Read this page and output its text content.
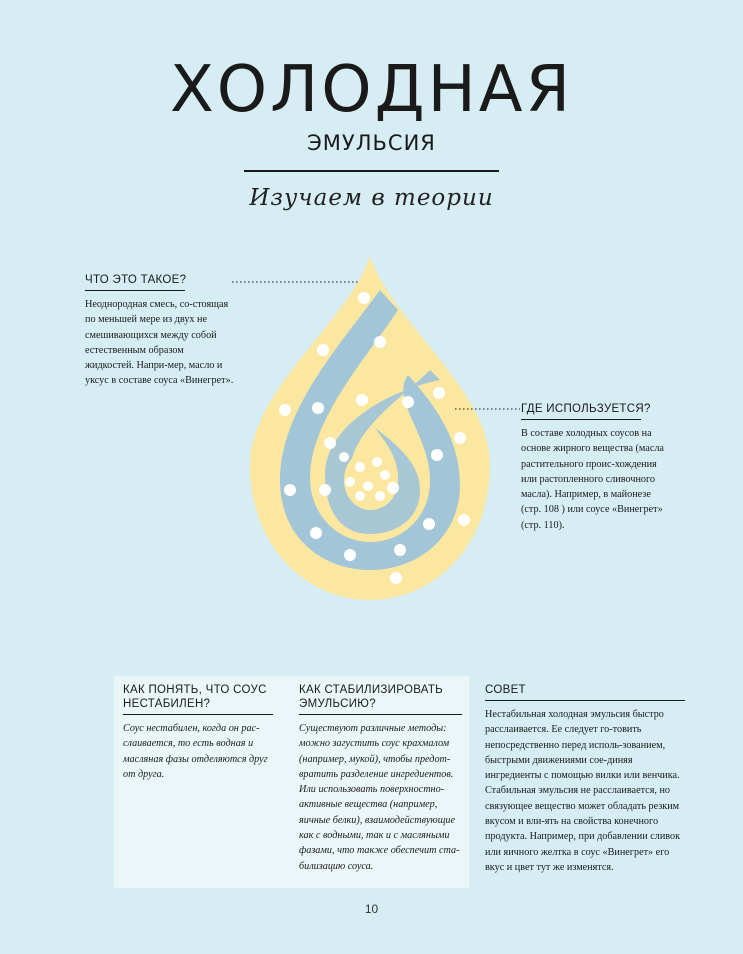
ХОЛОДНАЯ
ЭМУЛЬСИЯ
Изучаем в теории
ЧТО ЭТО ТАКОЕ?

Неоднородная смесь, со-стоящая по меньшей мере из двух не смешивающихся между собой естественным образом жидкостей. Напри-мер, масло и уксус в составе соуса «Винегрет».

ГДЕ ИСПОЛЬЗУЕТСЯ?

В составе холодных соусов на основе жирного вещества (масла растительного проис-хождения или растопленного сливочного масла). Например, в майонезе (стр. 108 ) или соусе «Винегрет» (стр. 110).

КАК ПОНЯТЬ, ЧТО СОУС НЕСТАБИЛЕН?

Соус нестабилен, когда он рас-слаивается, то есть водная и масляная фазы отделяются друг от друга.

КАК СТАБИЛИЗИРОВАТЬ ЭМУЛЬСИЮ?

Существуют различные методы: можно загустить соус крахмалом (например, мукой), чтобы предот-вратить разделение ингредиентов. Или использовать поверхностно-активные вещества (например, яичные белки), взаимодействующие как с водными, так и с масляными фазами, что также обеспечит ста-билизацию соуса.

СОВЕТ

Нестабильная холодная эмульсия быстро расслаивается. Ее следует го-товить непосредственно перед исполь-зованием, быстрыми движениями сое-диняя ингредиенты с помощью вилки или венчика. Стабильная эмульсия не расслаивается, но связующее вещество может обладать резким вкусом и вли-ять на свойства конечного продукта. Например, при добавлении сливок или яичного желтка в соус «Винегрет» его вкус и цвет тут же изменятся.

10
